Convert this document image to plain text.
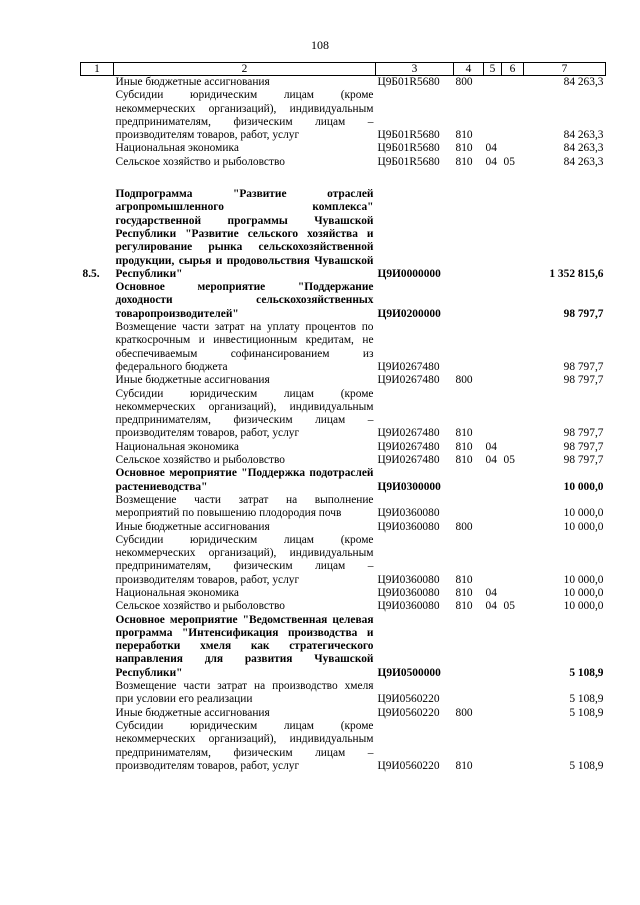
108
1	2	3	4	5	6	7
	Иные бюджетные ассигнования	Ц9Б01R5680	800			84 263,3
	Субсидии юридическим лицам (кроме некоммерческих организаций), индивидуальным предпринимателям, физическим лицам – производителям товаров, работ, услуг	Ц9Б01R5680	810			84 263,3
	Национальная экономика	Ц9Б01R5680	810	04		84 263,3
	Сельское хозяйство и рыболовство	Ц9Б01R5680	810	04	05	84 263,3

8.5.	Подпрограмма "Развитие отраслей агропромышленного комплекса" государственной программы Чувашской Республики "Развитие сельского хозяйства и регулирование рынка сельскохозяйственной продукции, сырья и продовольствия Чувашской Республики"	Ц9И0000000				1 352 815,6
	Основное мероприятие "Поддержание доходности сельскохозяйственных товаропроизводителей"	Ц9И0200000				98 797,7
	Возмещение части затрат на уплату процентов по краткосрочным и инвестиционным кредитам, не обеспечиваемым софинансированием из федерального бюджета	Ц9И0267480				98 797,7
	Иные бюджетные ассигнования	Ц9И0267480	800			98 797,7
	Субсидии юридическим лицам (кроме некоммерческих организаций), индивидуальным предпринимателям, физическим лицам – производителям товаров, работ, услуг	Ц9И0267480	810			98 797,7
	Национальная экономика	Ц9И0267480	810	04		98 797,7
	Сельское хозяйство и рыболовство	Ц9И0267480	810	04	05	98 797,7
	Основное мероприятие "Поддержка подотраслей растениеводства"	Ц9И0300000				10 000,0
	Возмещение части затрат на выполнение мероприятий по повышению плодородия почв	Ц9И0360080				10 000,0
	Иные бюджетные ассигнования	Ц9И0360080	800			10 000,0
	Субсидии юридическим лицам (кроме некоммерческих организаций), индивидуальным предпринимателям, физическим лицам – производителям товаров, работ, услуг	Ц9И0360080	810			10 000,0
	Национальная экономика	Ц9И0360080	810	04		10 000,0
	Сельское хозяйство и рыболовство	Ц9И0360080	810	04	05	10 000,0
	Основное мероприятие "Ведомственная целевая программа "Интенсификация производства и переработки хмеля как стратегического направления для развития Чувашской Республики"	Ц9И0500000				5 108,9
	Возмещение части затрат на производство хмеля при условии его реализации	Ц9И0560220				5 108,9
	Иные бюджетные ассигнования	Ц9И0560220	800			5 108,9
	Субсидии юридическим лицам (кроме некоммерческих организаций), индивидуальным предпринимателям, физическим лицам – производителям товаров, работ, услуг	Ц9И0560220	810			5 108,9
